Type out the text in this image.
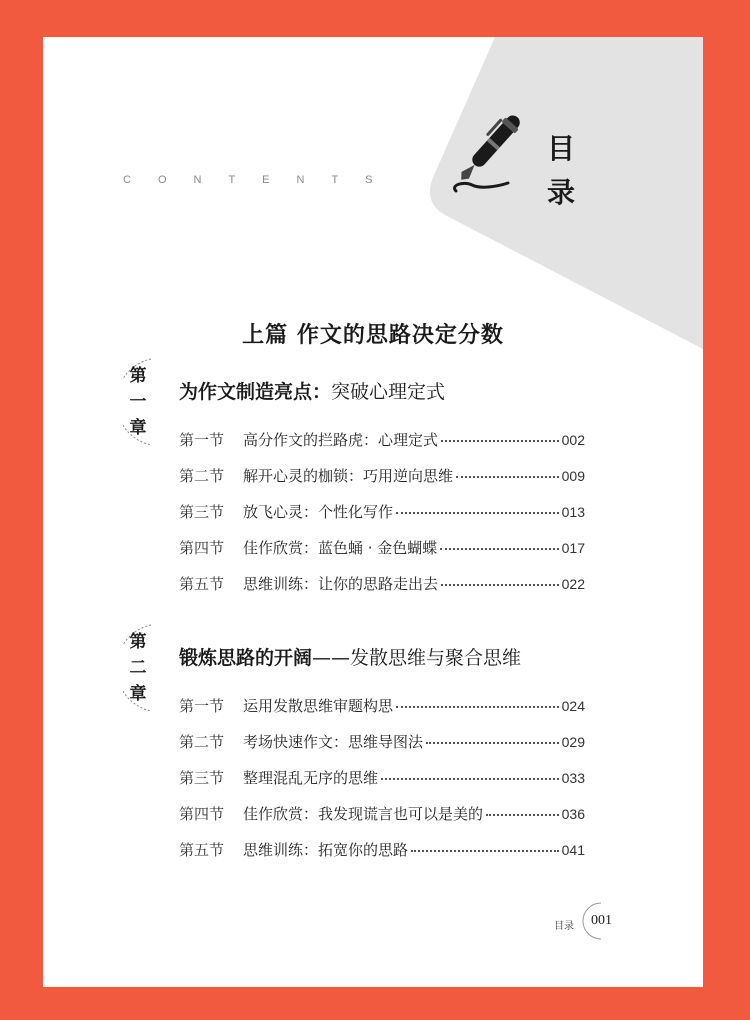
CONTENTS
目
录
上篇 作文的思路决定分数
第
一
章
为作文制造亮点：突破心理定式
第一节	高分作文的拦路虎：心理定式	002
第二节	解开心灵的枷锁：巧用逆向思维	009
第三节	放飞心灵：个性化写作	013
第四节	佳作欣赏：蓝色蛹 · 金色蝴蝶	017
第五节	思维训练：让你的思路走出去	022
第
二
章
锻炼思路的开阔——发散思维与聚合思维
第一节	运用发散思维审题构思	024
第二节	考场快速作文：思维导图法	029
第三节	整理混乱无序的思维	033
第四节	佳作欣赏：我发现谎言也可以是美的	036
第五节	思维训练：拓宽你的思路	041
目录 001
